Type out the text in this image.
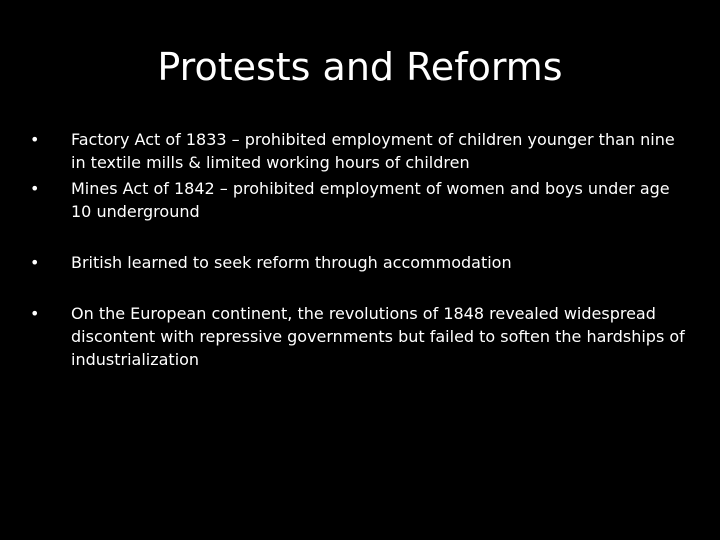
Protests and Reforms
•	Factory Act of 1833 – prohibited employment of children younger than nine in textile mills & limited working hours of children
•	Mines Act of 1842 – prohibited employment of women and boys under age 10 underground
•	British learned to seek reform through accommodation
•	On the European continent, the revolutions of 1848 revealed widespread discontent with repressive governments but failed to soften the hardships of industrialization
